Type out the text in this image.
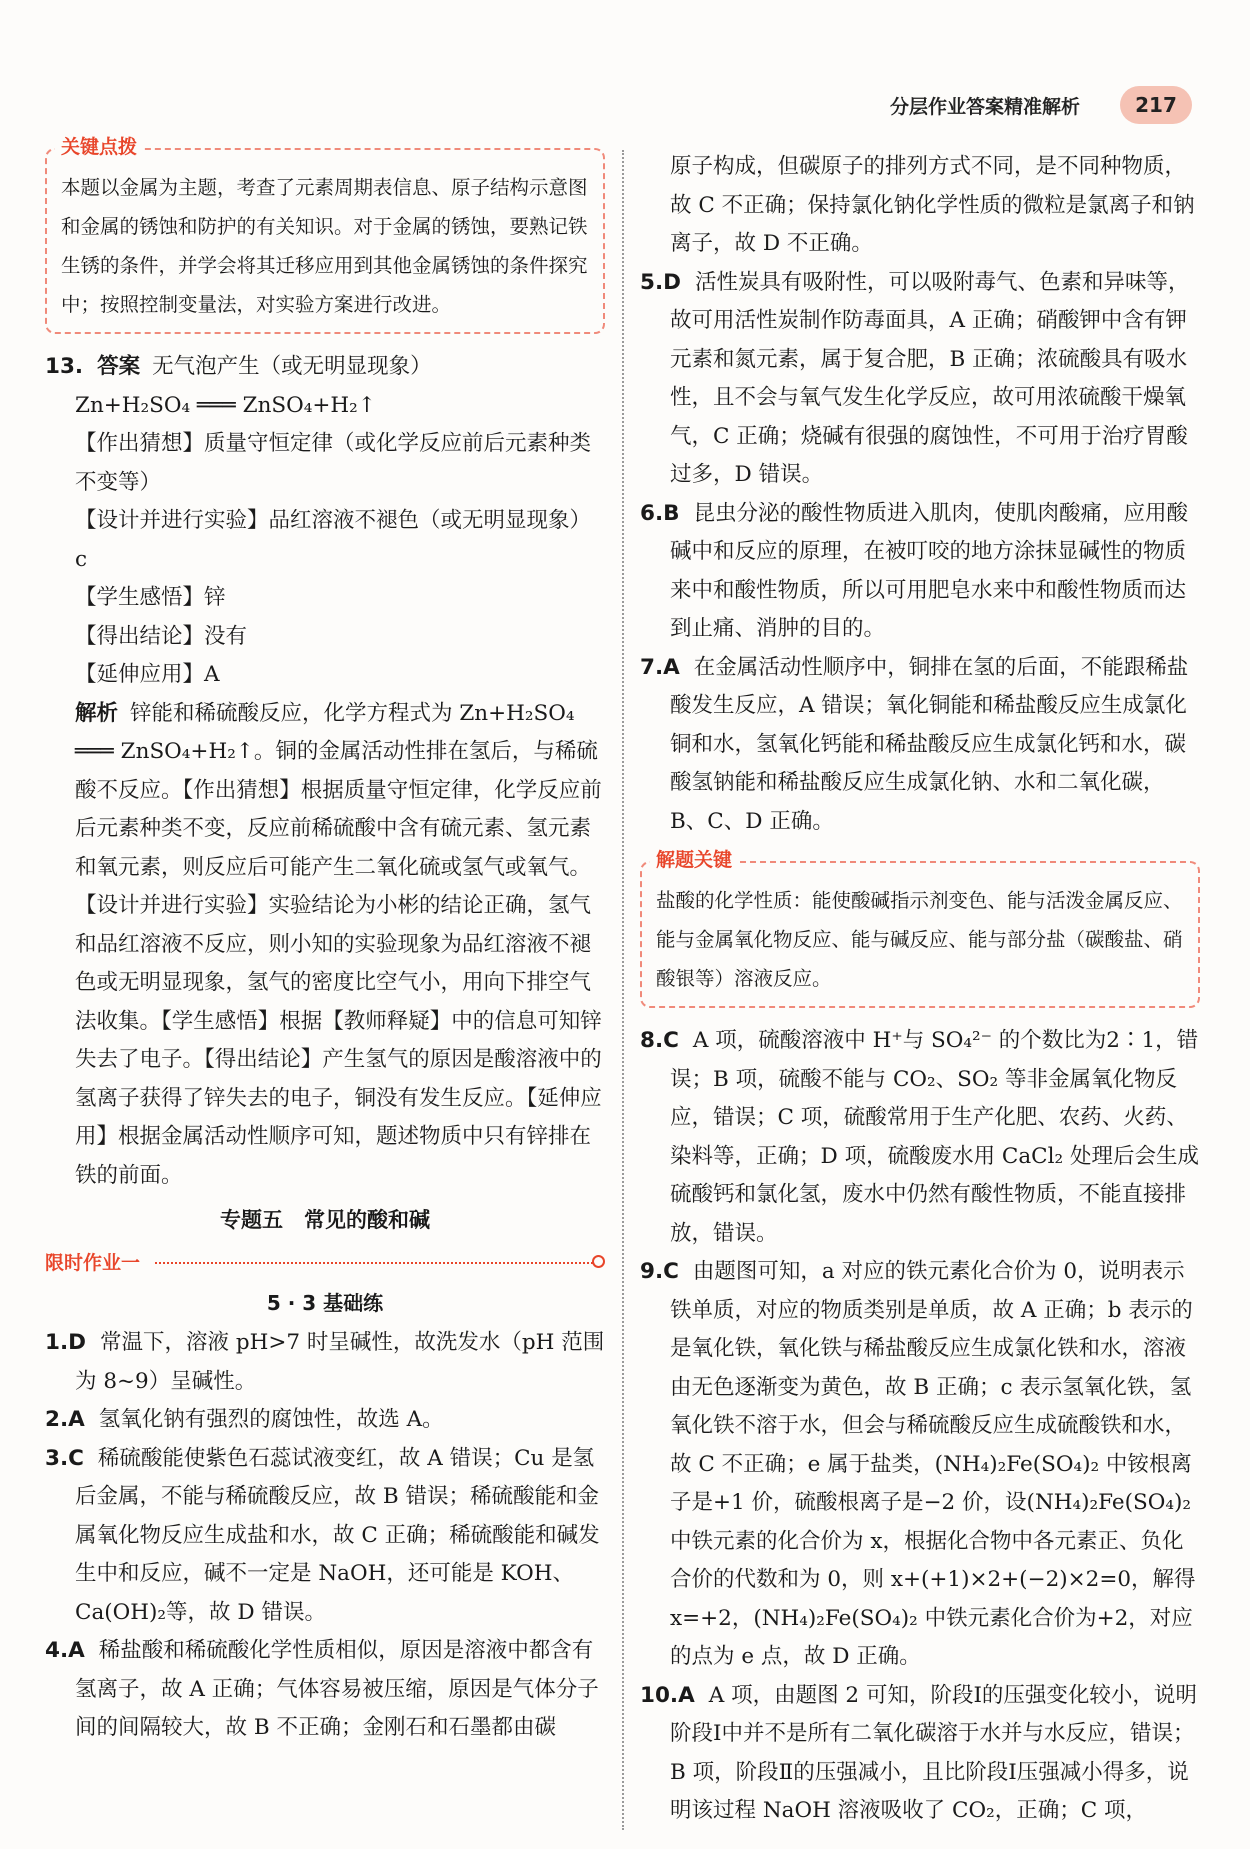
分层作业答案精准解析	217
关键点拨
本题以金属为主题，考查了元素周期表信息、原子结构示意图和金属的锈蚀和防护的有关知识。对于金属的锈蚀，要熟记铁生锈的条件，并学会将其迁移应用到其他金属锈蚀的条件探究中；按照控制变量法，对实验方案进行改进。
13. 答案 无气泡产生（或无明显现象）
Zn+H₂SO₄ ═══ ZnSO₄+H₂↑
【作出猜想】质量守恒定律（或化学反应前后元素种类不变等）
【设计并进行实验】品红溶液不褪色（或无明显现象） c
【学生感悟】锌
【得出结论】没有
【延伸应用】A
解析 锌能和稀硫酸反应，化学方程式为 Zn+H₂SO₄ ═══ ZnSO₄+H₂↑。铜的金属活动性排在氢后，与稀硫酸不反应。【作出猜想】根据质量守恒定律，化学反应前后元素种类不变，反应前稀硫酸中含有硫元素、氢元素和氧元素，则反应后可能产生二氧化硫或氢气或氧气。【设计并进行实验】实验结论为小彬的结论正确，氢气和品红溶液不反应，则小知的实验现象为品红溶液不褪色或无明显现象，氢气的密度比空气小，用向下排空气法收集。【学生感悟】根据【教师释疑】中的信息可知锌失去了电子。【得出结论】产生氢气的原因是酸溶液中的氢离子获得了锌失去的电子，铜没有发生反应。【延伸应用】根据金属活动性顺序可知，题述物质中只有锌排在铁的前面。
专题五　常见的酸和碱
限时作业一
5 · 3 基础练
1.D 常温下，溶液 pH>7 时呈碱性，故洗发水（pH 范围为 8~9）呈碱性。
2.A 氢氧化钠有强烈的腐蚀性，故选 A。
3.C 稀硫酸能使紫色石蕊试液变红，故 A 错误；Cu 是氢后金属，不能与稀硫酸反应，故 B 错误；稀硫酸能和金属氧化物反应生成盐和水，故 C 正确；稀硫酸能和碱发生中和反应，碱不一定是 NaOH，还可能是 KOH、Ca(OH)₂等，故 D 错误。
4.A 稀盐酸和稀硫酸化学性质相似，原因是溶液中都含有氢离子，故 A 正确；气体容易被压缩，原因是气体分子间的间隔较大，故 B 不正确；金刚石和石墨都由碳
原子构成，但碳原子的排列方式不同，是不同种物质，故 C 不正确；保持氯化钠化学性质的微粒是氯离子和钠离子，故 D 不正确。
5.D 活性炭具有吸附性，可以吸附毒气、色素和异味等，故可用活性炭制作防毒面具，A 正确；硝酸钾中含有钾元素和氮元素，属于复合肥，B 正确；浓硫酸具有吸水性，且不会与氧气发生化学反应，故可用浓硫酸干燥氧气，C 正确；烧碱有很强的腐蚀性，不可用于治疗胃酸过多，D 错误。
6.B 昆虫分泌的酸性物质进入肌肉，使肌肉酸痛，应用酸碱中和反应的原理，在被叮咬的地方涂抹显碱性的物质来中和酸性物质，所以可用肥皂水来中和酸性物质而达到止痛、消肿的目的。
7.A 在金属活动性顺序中，铜排在氢的后面，不能跟稀盐酸发生反应，A 错误；氧化铜能和稀盐酸反应生成氯化铜和水，氢氧化钙能和稀盐酸反应生成氯化钙和水，碳酸氢钠能和稀盐酸反应生成氯化钠、水和二氧化碳，B、C、D 正确。
解题关键
盐酸的化学性质：能使酸碱指示剂变色、能与活泼金属反应、能与金属氧化物反应、能与碱反应、能与部分盐（碳酸盐、硝酸银等）溶液反应。
8.C A 项，硫酸溶液中 H⁺与 SO₄²⁻ 的个数比为2∶1，错误；B 项，硫酸不能与 CO₂、SO₂ 等非金属氧化物反应，错误；C 项，硫酸常用于生产化肥、农药、火药、染料等，正确；D 项，硫酸废水用 CaCl₂ 处理后会生成硫酸钙和氯化氢，废水中仍然有酸性物质，不能直接排放，错误。
9.C 由题图可知，a 对应的铁元素化合价为 0，说明表示铁单质，对应的物质类别是单质，故 A 正确；b 表示的是氧化铁，氧化铁与稀盐酸反应生成氯化铁和水，溶液由无色逐渐变为黄色，故 B 正确；c 表示氢氧化铁，氢氧化铁不溶于水，但会与稀硫酸反应生成硫酸铁和水，故 C 不正确；e 属于盐类，(NH₄)₂Fe(SO₄)₂ 中铵根离子是+1 价，硫酸根离子是−2 价，设(NH₄)₂Fe(SO₄)₂ 中铁元素的化合价为 x，根据化合物中各元素正、负化合价的代数和为 0，则 x+(+1)×2+(−2)×2=0，解得 x=+2，(NH₄)₂Fe(SO₄)₂ 中铁元素化合价为+2，对应的点为 e 点，故 D 正确。
10.A A 项，由题图 2 可知，阶段Ⅰ的压强变化较小，说明阶段Ⅰ中并不是所有二氧化碳溶于水并与水反应，错误；B 项，阶段Ⅱ的压强减小，且比阶段Ⅰ压强减小得多，说明该过程 NaOH 溶液吸收了 CO₂，正确；C 项，
